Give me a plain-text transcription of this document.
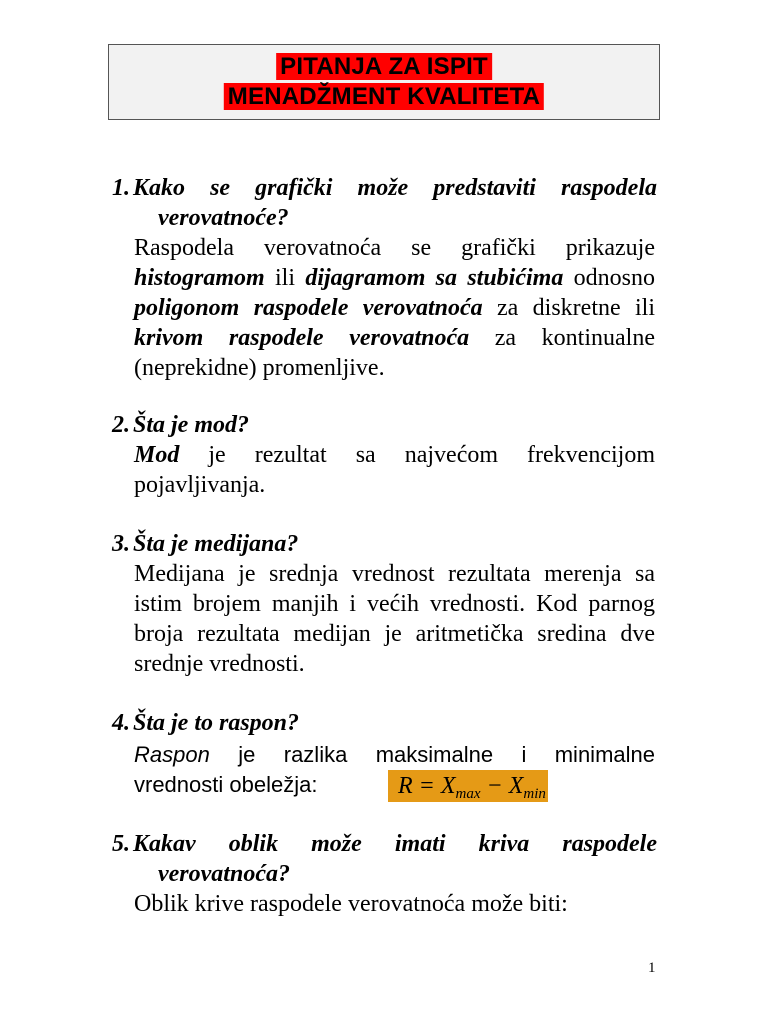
PITANJA ZA ISPIT
MENADŽMENT KVALITETA
1. Kako se grafički može predstaviti raspodela
verovatnoće?
Raspodela verovatnoća se grafički prikazuje
histogramom ili dijagramom sa stubićima odnosno
poligonom raspodele verovatnoća za diskretne ili
krivom raspodele verovatnoća za kontinualne
(neprekidne) promenljive.
2. Šta je mod?
Mod je rezultat sa najvećom frekvencijom
pojavljivanja.
3. Šta je medijana?
Medijana je srednja vrednost rezultata merenja sa
istim brojem manjih i većih vrednosti. Kod parnog
broja rezultata medijan je aritmetička sredina dve
srednje vrednosti.
4. Šta je to raspon?
Raspon je razlika maksimalne i minimalne
vrednosti obeležja:	$R = X_{max} - X_{min}$
5. Kakav oblik može imati kriva raspodele
verovatnoća?
Oblik krive raspodele verovatnoća može biti:
1
